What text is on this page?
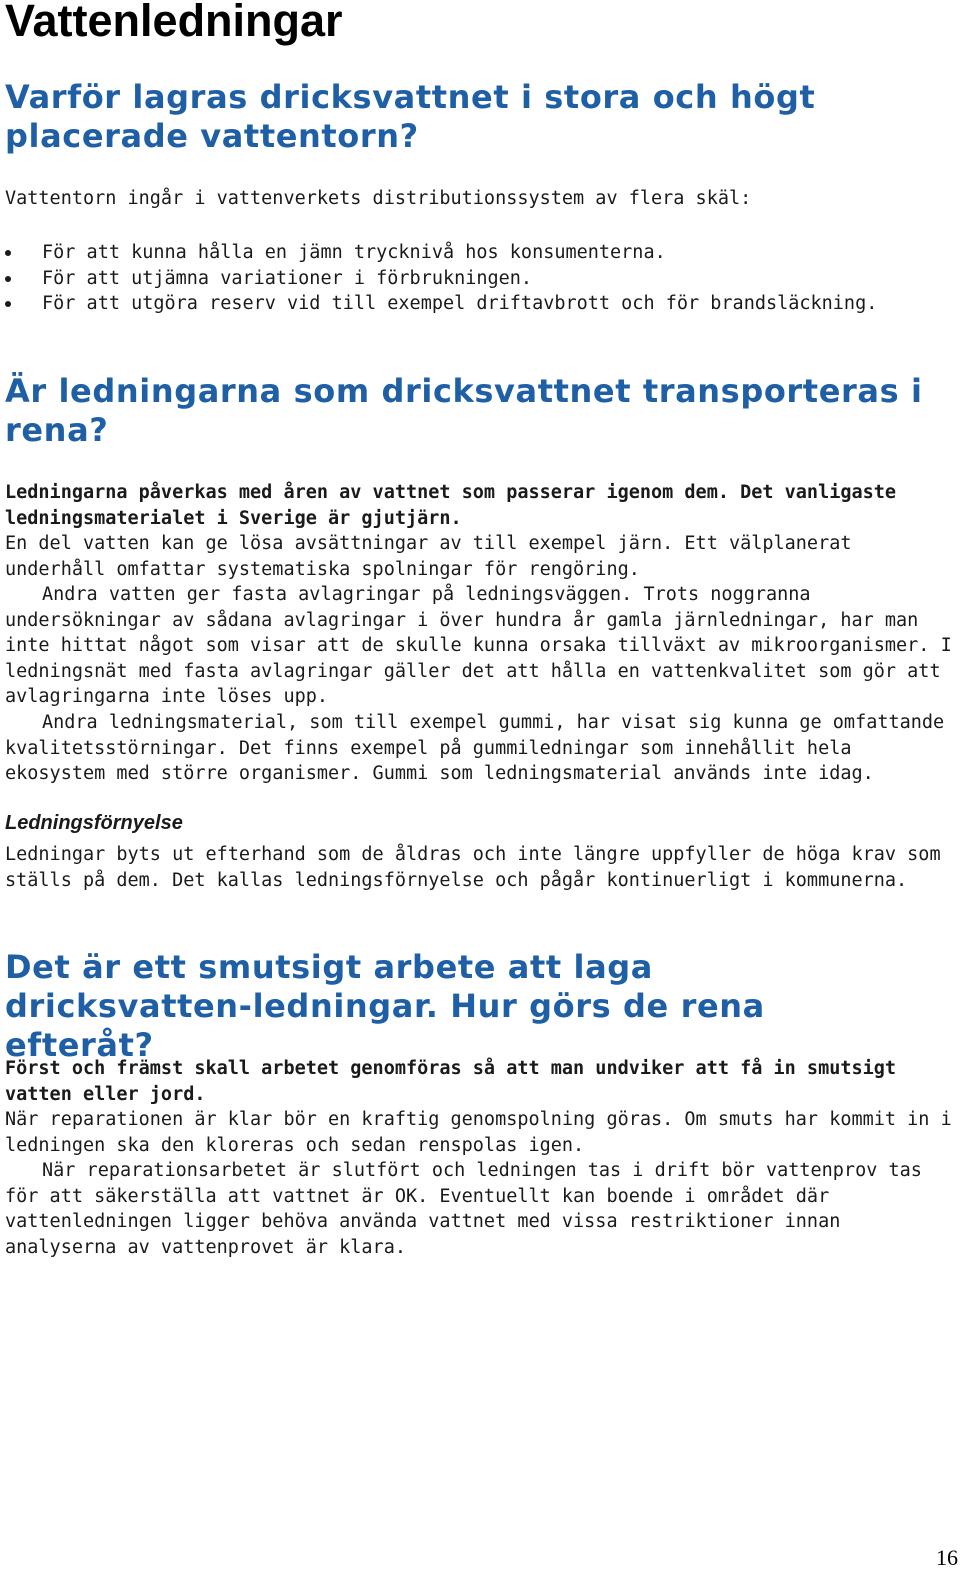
Vattenledningar
Varför lagras dricksvattnet i stora och högt placerade vattentorn?

Vattentorn ingår i vattenverkets distributionssystem av flera skäl:

För att kunna hålla en jämn trycknivå hos konsumenterna.
För att utjämna variationer i förbrukningen.
För att utgöra reserv vid till exempel driftavbrott och för brandsläckning.
Är ledningarna som dricksvattnet transporteras i rena?

Ledningarna påverkas med åren av vattnet som passerar igenom dem. Det vanligaste ledningsmaterialet i Sverige är gjutjärn.

En del vatten kan ge lösa avsättningar av till exempel järn. Ett välplanerat underhåll omfattar systematiska spolningar för rengöring.

Andra vatten ger fasta avlagringar på ledningsväggen. Trots noggranna undersökningar av sådana avlagringar i över hundra år gamla järnledningar, har man inte hittat något som visar att de skulle kunna orsaka tillväxt av mikroorganismer. I ledningsnät med fasta avlagringar gäller det att hålla en vattenkvalitet som gör att avlagringarna inte löses upp.

Andra ledningsmaterial, som till exempel gummi, har visat sig kunna ge omfattande kvalitetsstörningar. Det finns exempel på gummiledningar som innehållit hela ekosystem med större organismer. Gummi som ledningsmaterial används inte idag.

Ledningsförnyelse

Ledningar byts ut efterhand som de åldras och inte längre uppfyller de höga krav som ställs på dem. Det kallas ledningsförnyelse och pågår kontinuerligt i kommunerna.

Det är ett smutsigt arbete att laga dricksvatten-ledningar. Hur görs de rena efteråt?

Först och främst skall arbetet genomföras så att man undviker att få in smutsigt vatten eller jord.

När reparationen är klar bör en kraftig genomspolning göras. Om smuts har kommit in i ledningen ska den kloreras och sedan renspolas igen.

När reparationsarbetet är slutfört och ledningen tas i drift bör vattenprov tas för att säkerställa att vattnet är OK. Eventuellt kan boende i området där vattenledningen ligger behöva använda vattnet med vissa restriktioner innan analyserna av vattenprovet är klara.

16
